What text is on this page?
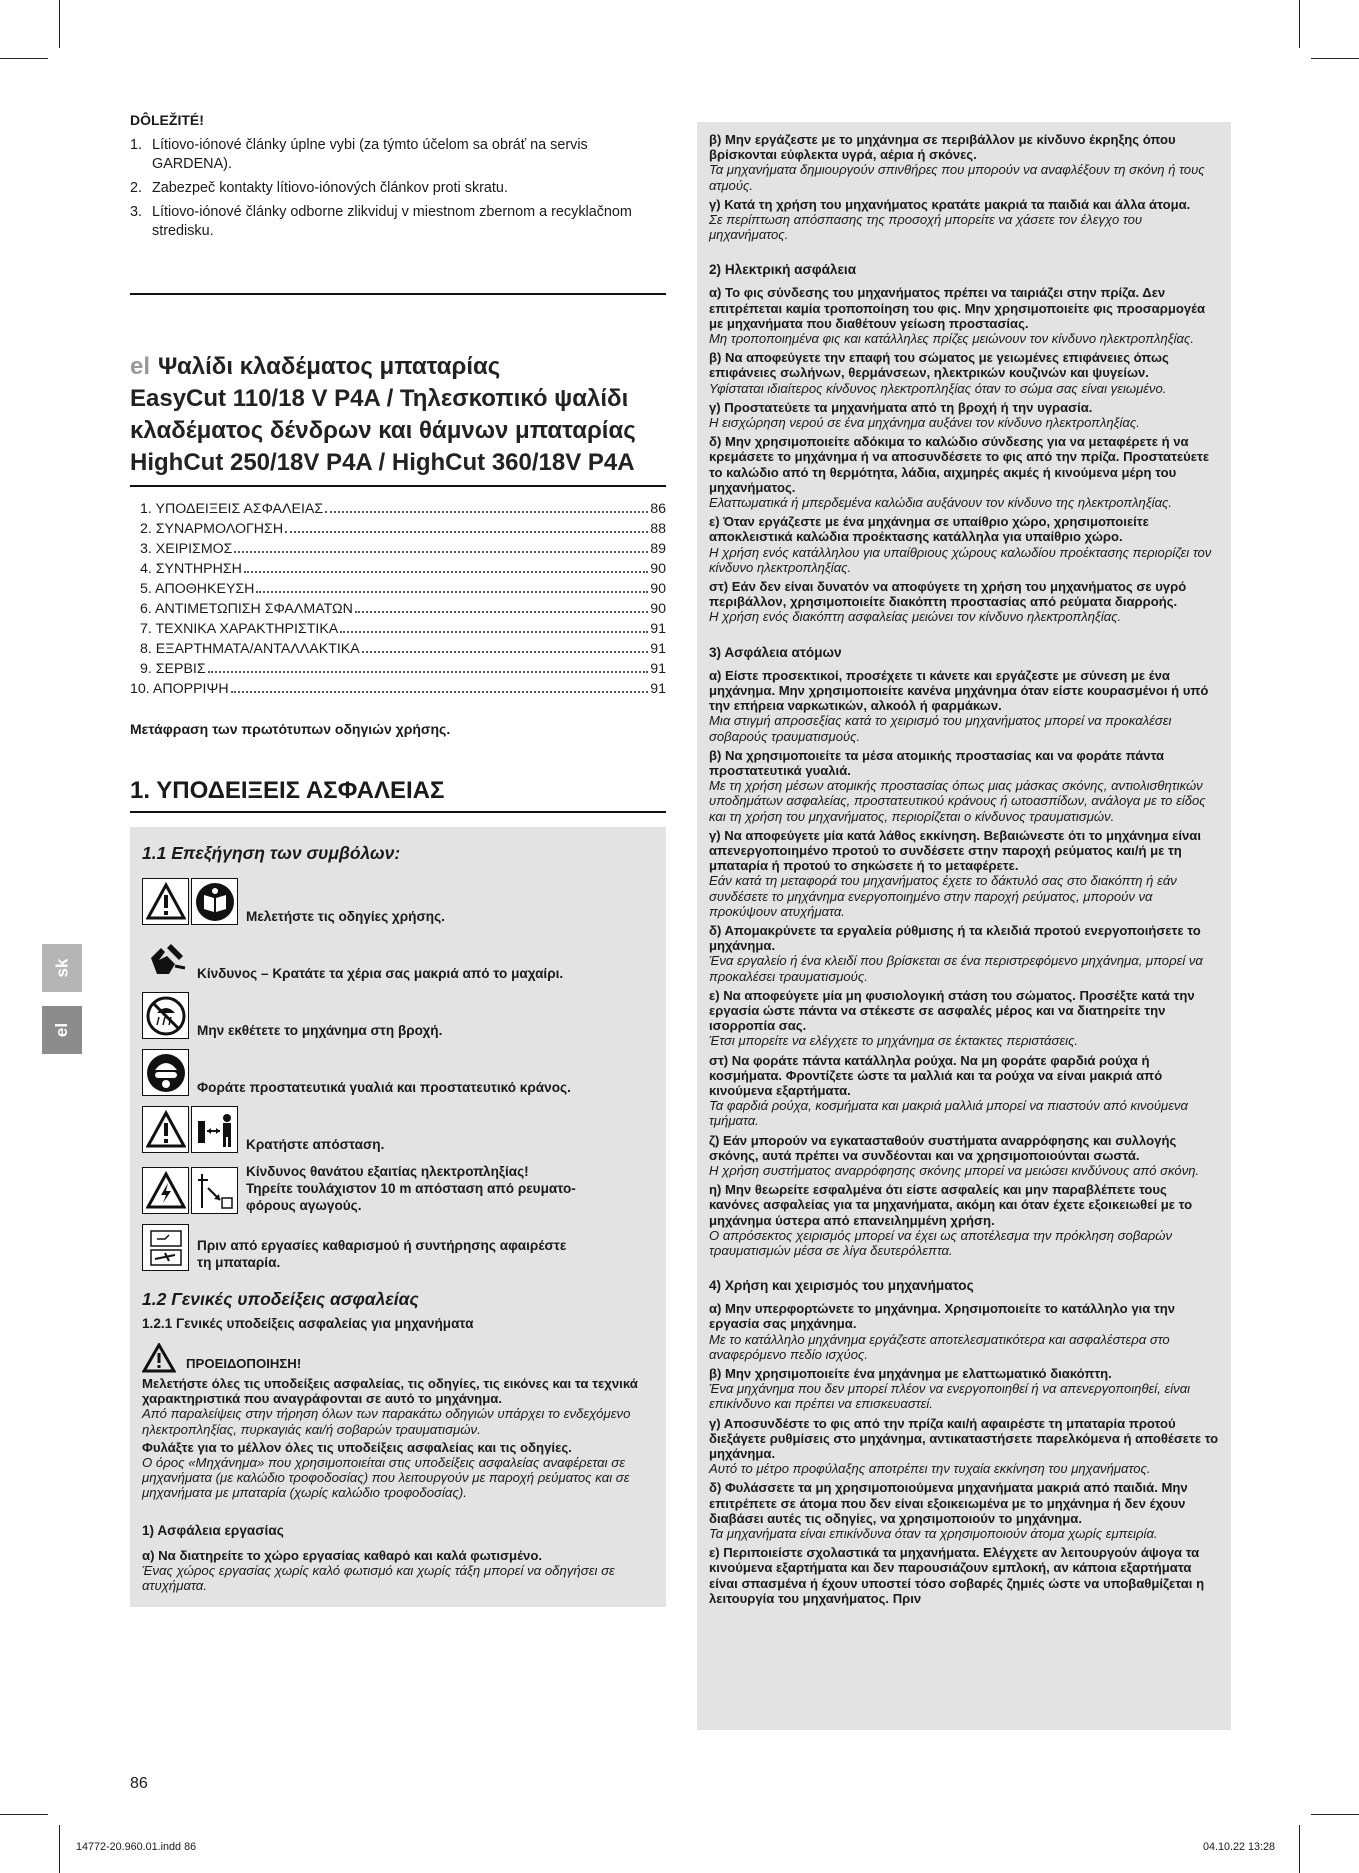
sk
el
DÔLEŽITÉ!
1. Lítiovo-iónové články úplne vybi (za týmto účelom sa obráť na servis GARDENA).
2. Zabezpeč kontakty lítiovo-iónových článkov proti skratu.
3. Lítiovo-iónové články odborne zlikviduj v miestnom zbernom a recyklačnom stredisku.
el Ψαλίδι κλαδέματος μπαταρίας
EasyCut 110/18 V P4A / Τηλεσκοπικό ψαλίδι
κλαδέματος δένδρων και θάμνων μπαταρίας
HighCut 250/18V P4A / HighCut 360/18V P4A
1. ΥΠΟΔΕΙΞΕΙΣ ΑΣΦΑΛΕΙΑΣ	86
2. ΣΥΝΑΡΜΟΛΟΓΗΣΗ	88
3. ΧΕΙΡΙΣΜΟΣ	89
4. ΣΥΝΤΗΡΗΣΗ	90
5. ΑΠΟΘΗΚΕΥΣΗ	90
6. ΑΝΤΙΜΕΤΩΠΙΣΗ ΣΦΑΛΜΑΤΩΝ	90
7. ΤΕΧΝΙΚΑ ΧΑΡΑΚΤΗΡΙΣΤΙΚΑ	91
8. ΕΞΑΡΤΗΜΑΤΑ/ΑΝΤΑΛΛΑΚΤΙΚΑ	91
9. ΣΕΡΒΙΣ	91
10. ΑΠΟΡΡΙΨΗ	91
Μετάφραση των πρωτότυπων οδηγιών χρήσης.
1. ΥΠΟΔΕΙΞΕΙΣ ΑΣΦΑΛΕΙΑΣ
1.1 Επεξήγηση των συμβόλων:
Μελετήστε τις οδηγίες χρήσης.
Κίνδυνος – Κρατάτε τα χέρια σας μακριά από το μαχαίρι.
Μην εκθέτετε το μηχάνημα στη βροχή.
Φοράτε προστατευτικά γυαλιά και προστατευτικό κράνος.
Κρατήστε απόσταση.
Κίνδυνος θανάτου εξαιτίας ηλεκτροπληξίας!
Τηρείτε τουλάχιστον 10 m απόσταση από ρευματο-
φόρους αγωγούς.
Πριν από εργασίες καθαρισμού ή συντήρησης αφαιρέστε
τη μπαταρία.
1.2 Γενικές υποδείξεις ασφαλείας
1.2.1 Γενικές υποδείξεις ασφαλείας για μηχανήματα
ΠΡΟΕΙΔΟΠΟΙΗΣΗ!
Μελετήστε όλες τις υποδείξεις ασφαλείας, τις οδηγίες, τις εικόνες και τα τεχνικά χαρακτηριστικά που αναγράφονται σε αυτό το μηχάνημα.
Από παραλείψεις στην τήρηση όλων των παρακάτω οδηγιών υπάρχει το ενδεχόμενο ηλεκτροπληξίας, πυρκαγιάς και/ή σοβαρών τραυματισμών.
Φυλάξτε για το μέλλον όλες τις υποδείξεις ασφαλείας και τις οδηγίες.
Ο όρος «Μηχάνημα» που χρησιμοποιείται στις υποδείξεις ασφαλείας αναφέρεται σε μηχανήματα (με καλώδιο τροφοδοσίας) που λειτουργούν με παροχή ρεύματος και σε μηχανήματα με μπαταρία (χωρίς καλώδιο τροφοδοσίας).
1) Ασφάλεια εργασίας
α) Να διατηρείτε το χώρο εργασίας καθαρό και καλά φωτισμένο.
Ένας χώρος εργασίας χωρίς καλό φωτισμό και χωρίς τάξη μπορεί να οδηγήσει σε ατυχήματα.
β) Μην εργάζεστε με το μηχάνημα σε περιβάλλον με κίνδυνο έκρηξης όπου βρίσκονται εύφλεκτα υγρά, αέρια ή σκόνες.
Τα μηχανήματα δημιουργούν σπινθήρες που μπορούν να αναφλέξουν τη σκόνη ή τους ατμούς.
γ) Κατά τη χρήση του μηχανήματος κρατάτε μακριά τα παιδιά και άλλα άτομα.
Σε περίπτωση απόσπασης της προσοχή μπορείτε να χάσετε τον έλεγχο του μηχανήματος.
2) Ηλεκτρική ασφάλεια
α) Το φις σύνδεσης του μηχανήματος πρέπει να ταιριάζει στην πρίζα. Δεν επιτρέπεται καμία τροποποίηση του φις. Μην χρησιμοποιείτε φις προσαρμογέα με μηχανήματα που διαθέτουν γείωση προστασίας.
Μη τροποποιημένα φις και κατάλληλες πρίζες μειώνουν τον κίνδυνο ηλεκτροπληξίας.
β) Να αποφεύγετε την επαφή του σώματος με γειωμένες επιφάνειες όπως επιφάνειες σωλήνων, θερμάνσεων, ηλεκτρικών κουζινών και ψυγείων.
Υφίσταται ιδιαίτερος κίνδυνος ηλεκτροπληξίας όταν το σώμα σας είναι γειωμένο.
γ) Προστατεύετε τα μηχανήματα από τη βροχή ή την υγρασία.
Η εισχώρηση νερού σε ένα μηχάνημα αυξάνει τον κίνδυνο ηλεκτροπληξίας.
δ) Μην χρησιμοποιείτε αδόκιμα το καλώδιο σύνδεσης για να μεταφέρετε ή να κρεμάσετε το μηχάνημα ή να αποσυνδέσετε το φις από την πρίζα. Προστατεύετε το καλώδιο από τη θερμότητα, λάδια, αιχμηρές ακμές ή κινούμενα μέρη του μηχανήματος.
Ελαττωματικά ή μπερδεμένα καλώδια αυξάνουν τον κίνδυνο της ηλεκτροπληξίας.
ε) Όταν εργάζεστε με ένα μηχάνημα σε υπαίθριο χώρο, χρησιμοποιείτε αποκλειστικά καλώδια προέκτασης κατάλληλα για υπαίθριο χώρο.
Η χρήση ενός κατάλληλου για υπαίθριους χώρους καλωδίου προέκτασης περιορίζει τον κίνδυνο ηλεκτροπληξίας.
στ) Εάν δεν είναι δυνατόν να αποφύγετε τη χρήση του μηχανήματος σε υγρό περιβάλλον, χρησιμοποιείτε διακόπτη προστασίας από ρεύματα διαρροής.
Η χρήση ενός διακόπτη ασφαλείας μειώνει τον κίνδυνο ηλεκτροπληξίας.
3) Ασφάλεια ατόμων
α) Είστε προσεκτικοί, προσέχετε τι κάνετε και εργάζεστε με σύνεση με ένα μηχάνημα. Μην χρησιμοποιείτε κανένα μηχάνημα όταν είστε κουρασμένοι ή υπό την επήρεια ναρκωτικών, αλκοόλ ή φαρμάκων.
Μια στιγμή απροσεξίας κατά το χειρισμό του μηχανήματος μπορεί να προκαλέσει σοβαρούς τραυματισμούς.
β) Να χρησιμοποιείτε τα μέσα ατομικής προστασίας και να φοράτε πάντα προστατευτικά γυαλιά.
Με τη χρήση μέσων ατομικής προστασίας όπως μιας μάσκας σκόνης, αντιολισθητικών υποδημάτων ασφαλείας, προστατευτικού κράνους ή ωτοασπίδων, ανάλογα με το είδος και τη χρήση του μηχανήματος, περιορίζεται ο κίνδυνος τραυματισμών.
γ) Να αποφεύγετε μία κατά λάθος εκκίνηση. Βεβαιώνεστε ότι το μηχάνημα είναι απενεργοποιημένο προτού το συνδέσετε στην παροχή ρεύματος και/ή με τη μπαταρία ή προτού το σηκώσετε ή το μεταφέρετε.
Εάν κατά τη μεταφορά του μηχανήματος έχετε το δάκτυλό σας στο διακόπτη ή εάν συνδέσετε το μηχάνημα ενεργοποιημένο στην παροχή ρεύματος, μπορούν να προκύψουν ατυχήματα.
δ) Απομακρύνετε τα εργαλεία ρύθμισης ή τα κλειδιά προτού ενεργοποιήσετε το μηχάνημα.
Ένα εργαλείο ή ένα κλειδί που βρίσκεται σε ένα περιστρεφόμενο μηχάνημα, μπορεί να προκαλέσει τραυματισμούς.
ε) Να αποφεύγετε μία μη φυσιολογική στάση του σώματος. Προσέξτε κατά την εργασία ώστε πάντα να στέκεστε σε ασφαλές μέρος και να διατηρείτε την ισορροπία σας.
Έτσι μπορείτε να ελέγχετε το μηχάνημα σε έκτακτες περιστάσεις.
στ) Να φοράτε πάντα κατάλληλα ρούχα. Να μη φοράτε φαρδιά ρούχα ή κοσμήματα. Φροντίζετε ώστε τα μαλλιά και τα ρούχα να είναι μακριά από κινούμενα εξαρτήματα.
Τα φαρδιά ρούχα, κοσμήματα και μακριά μαλλιά μπορεί να πιαστούν από κινούμενα τμήματα.
ζ) Εάν μπορούν να εγκατασταθούν συστήματα αναρρόφησης και συλλογής σκόνης, αυτά πρέπει να συνδέονται και να χρησιμοποιούνται σωστά.
Η χρήση συστήματος αναρρόφησης σκόνης μπορεί να μειώσει κινδύνους από σκόνη.
η) Μην θεωρείτε εσφαλμένα ότι είστε ασφαλείς και μην παραβλέπετε τους κανόνες ασφαλείας για τα μηχανήματα, ακόμη και όταν έχετε εξοικειωθεί με το μηχάνημα ύστερα από επανειλημμένη χρήση.
Ο απρόσεκτος χειρισμός μπορεί να έχει ως αποτέλεσμα την πρόκληση σοβαρών τραυματισμών μέσα σε λίγα δευτερόλεπτα.
4) Χρήση και χειρισμός του μηχανήματος
α) Μην υπερφορτώνετε το μηχάνημα. Χρησιμοποιείτε το κατάλληλο για την εργασία σας μηχάνημα.
Με το κατάλληλο μηχάνημα εργάζεστε αποτελεσματικότερα και ασφαλέστερα στο αναφερόμενο πεδίο ισχύος.
β) Μην χρησιμοποιείτε ένα μηχάνημα με ελαττωματικό διακόπτη.
Ένα μηχάνημα που δεν μπορεί πλέον να ενεργοποιηθεί ή να απενεργοποιηθεί, είναι επικίνδυνο και πρέπει να επισκευαστεί.
γ) Αποσυνδέστε το φις από την πρίζα και/ή αφαιρέστε τη μπαταρία προτού διεξάγετε ρυθμίσεις στο μηχάνημα, αντικαταστήσετε παρελκόμενα ή αποθέσετε το μηχάνημα.
Αυτό το μέτρο προφύλαξης αποτρέπει την τυχαία εκκίνηση του μηχανήματος.
δ) Φυλάσσετε τα μη χρησιμοποιούμενα μηχανήματα μακριά από παιδιά. Μην επιτρέπετε σε άτομα που δεν είναι εξοικειωμένα με το μηχάνημα ή δεν έχουν διαβάσει αυτές τις οδηγίες, να χρησιμοποιούν το μηχάνημα.
Τα μηχανήματα είναι επικίνδυνα όταν τα χρησιμοποιούν άτομα χωρίς εμπειρία.
ε) Περιποιείστε σχολαστικά τα μηχανήματα. Ελέγχετε αν λειτουργούν άψογα τα κινούμενα εξαρτήματα και δεν παρουσιάζουν εμπλοκή, αν κάποια εξαρτήματα είναι σπασμένα ή έχουν υποστεί τόσο σοβαρές ζημιές ώστε να υποβαθμίζεται η λειτουργία του μηχανήματος. Πριν
86
14772-20.960.01.indd 86	04.10.22 13:28
